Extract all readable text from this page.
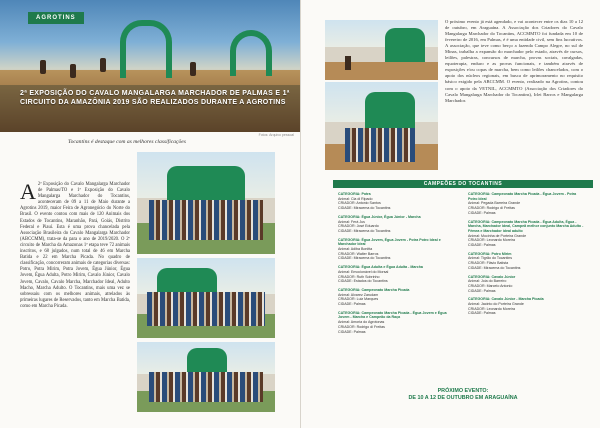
AGROTINS
2ª EXPOSIÇÃO DO CAVALO MANGALARGA MARCHADOR DE PALMAS E 1ª CIRCUITO DA AMAZÔNIA 2019 SÃO REALIZADOS DURANTE A AGROTINS
Fotos: Arquivo pessoal
Tocantins é destaque com as melhores classificações
A 2ª Exposição do Cavalo Mangalarga Marchador de Palmas/TO e 1ª Exposição do Cavalo Mangalarga Marchador do Tocantins, aconteceram de 09 a 11 de Maio durante a Agrotins 2019, maior Feira de Agronegócio do Norte do Brasil. O evento contou com mais de 120 Animais dos Estados de Tocantins, Maranhão, Pará, Goiás, Distrito Federal e Piauí. Esta é uma prova chancelada pela Associação Brasileira do Cavalo Mangalarga Marchador (ABCCMM), trata-se da para o ano de 2019/2020. O 2º circuito de Marcha da Amazonas 1ª etapa teve 72 animais inscritos, e 68 julgados, num total de 46 em Marcha Batida e 22 em Marcha Picada. No quadro de classificação, concorreram animais de categorias diversas: Potro, Potra Mirim, Potra Jovem, Égua Júnior, Égua Jovem, Égua Adulta, Potro Mirim, Cavalo Júnior, Cavalo Jovem, Cavalo, Cavalo Marcha, Marchador Ideal, Adulto Macho, Marcha Adulto. O Tocantins, mais uma vez se sobressaiu com os melhores animais, atrelados às primeiras lugares de Reservados, tanto em Marcha Batida, como em Marcha Picada.
O próximo evento já está agendado, e vai acontecer entre os dias 10 a 12 de outubro, em Araguaína. A Associação dos Criadores do Cavalo Mangalarga Marchador do Tocantins, ACCMMTO foi fundada em 10 de fevereiro de 2016, em Palmas, é é uma entidade civil, sem fins lucrativos. A associação, que teve como berço a fazenda Campo Alegre, no sul de Minas, trabalha a expansão do marchador pelo estado, através de cursos, leilões, palestras, concursos de marcha, provas sociais, cavalgadas, equoterapia, enduro e as provas funcionais, e também através de exposições e/ou copas de marcha, bem como leilões chancelados, com o apoio dos núcleos regionais, em busca de aprimoramento no requisito básico exigido pela ABCCMM. O evento, realizado na Agrotins, contou com o apoio da VETNIL, ACCMMTO (Associação dos Criadores do Cavalo Mangalarga Marchador do Tocantins), Irlei Barros e Mangalarga Marchador.
CAMPEÕES DO TOCANTINS
CATEGORIA: Potra
Animal: Cia di Ripado
CRIADOR: Antonio Santos
CIDADE: Miracema do Tocantins
CATEGORIA: Égua Júnior, Égua Júnior - Marcha
Animal: Ferá Jus
CRIADOR: José Eduardo
CIDADE: Miracema do Tocantins
CATEGORIA: Égua Jovem, Égua Jovem - Potra Potro Ideal e Marchador Ideal
Animal: Adiba Bonitta
CRIADOR: Walter Barros
CIDADE: Miracema do Tocantins
CATEGORIA: Égua Adulta e Égua Adulta - Marcha
Animal: Emocionável do Morsal
CRIADOR: Ruth Sobrinho
CIDADE: Estados do Tocantins
CATEGORIA: Campeonato Marcha Picada
Animal: Alvarez Zarudam
CRIADOR: Luiz Marques
CIDADE: Palmas
CATEGORIA: Campeonato Marcha Picada - Égua Jovem e Égua Jovem - Marcha e Campeão da Raça
Animal: Amoria do Agrotonas
CRIADOR: Rodrigo di Freitas
CIDADE: Palmas
CATEGORIA: Campeonato Marcha Picada - Égua Jovem - Potra Potro Ideal
Animal: Pegada Barreira Grande
CRIADOR: Rodrigo di Freitas
CIDADE: Palmas
CATEGORIA: Campeonato Marcha Picada - Égua Adulta, Égua - Marcha, Marchador Ideal, Campeã melhor conjunto Marcha Adulto - Fêmea e Marchador ideal adulto
Animal: Mocinha de Porteira Grande
CRIADOR: Leonardo Moreira
CIDADE: Palmas
CATEGORIA: Potro Mirim
Animal: Tigrão do Tocantins
CRIADOR: Flávio Batista
CIDADE: Miracema do Tocantins
CATEGORIA: Cavalo Júnior
Animal: Joia do Barreiro
CRIADOR: Marcelo Antonio
CIDADE: Palmas
CATEGORIA: Cavalo Júnior - Marcha Picada
Animal: Jacinto do Porteira Grande
CRIADOR: Leonardo Moreira
CIDADE: Palmas
PRÓXIMO EVENTO:
DE 10 A 12 DE OUTUBRO EM ARAGUAÍNA
